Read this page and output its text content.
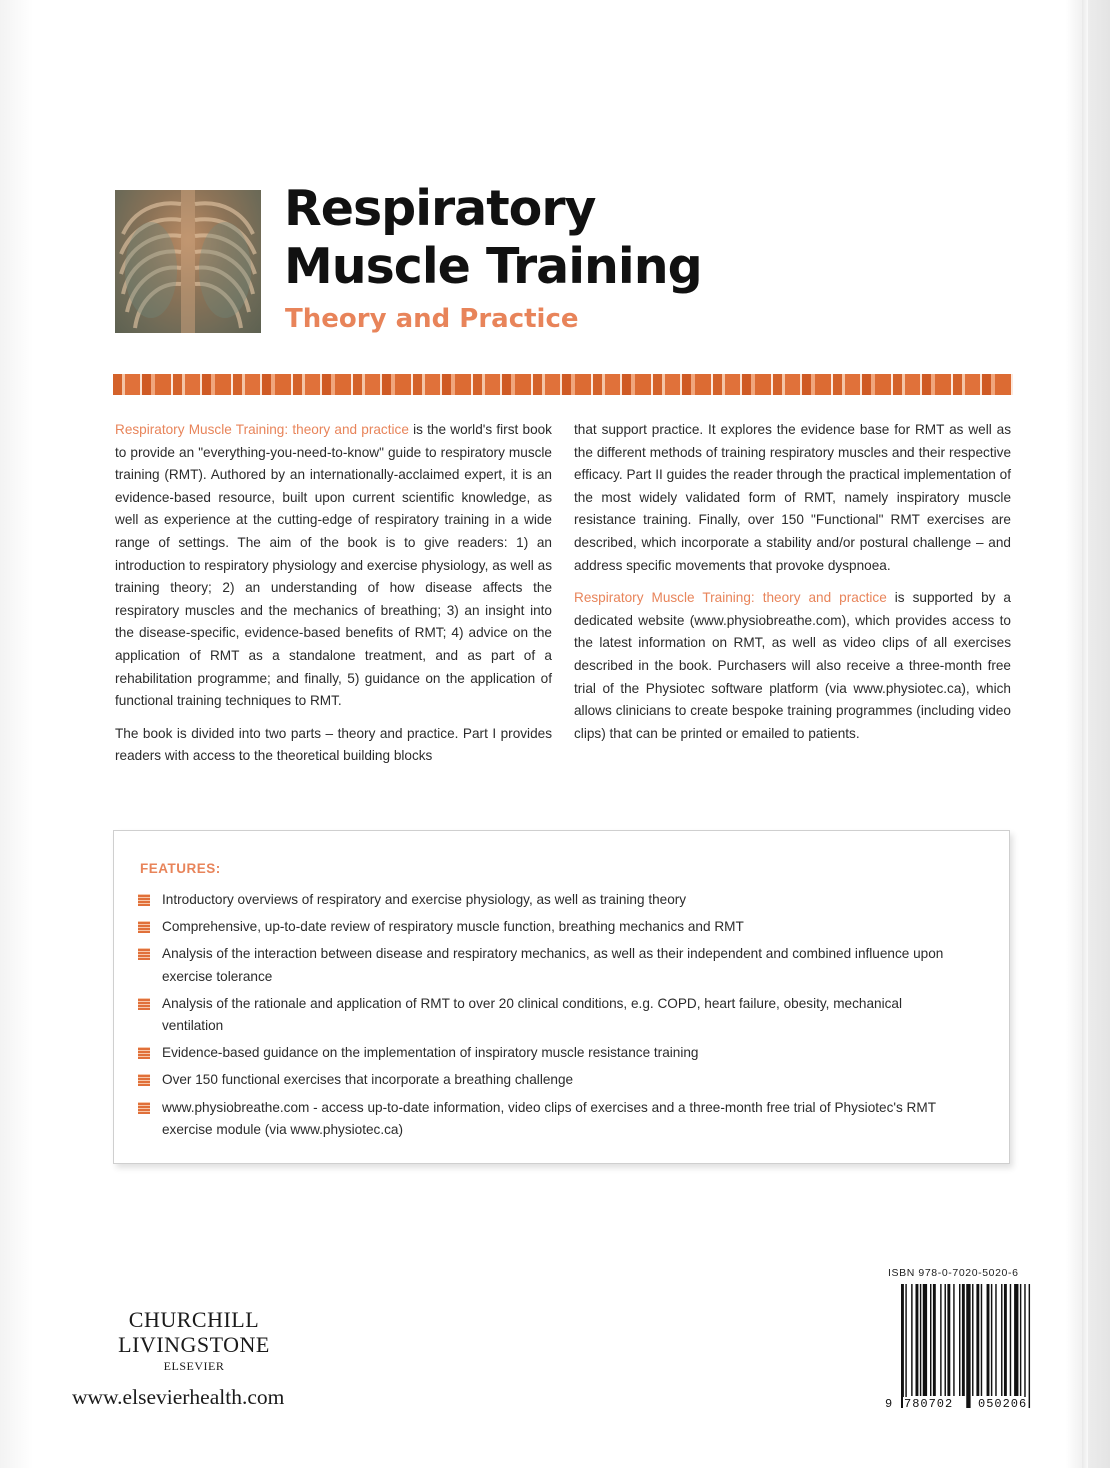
Respiratory
Muscle Training
Theory and Practice

Respiratory Muscle Training: theory and practice is the world's first book to provide an "everything-you-need-to-know" guide to respiratory muscle training (RMT). Authored by an internationally-acclaimed expert, it is an evidence-based resource, built upon current scientific knowledge, as well as experience at the cutting-edge of respiratory training in a wide range of settings. The aim of the book is to give readers: 1) an introduction to respiratory physiology and exercise physiology, as well as training theory; 2) an understanding of how disease affects the respiratory muscles and the mechanics of breathing; 3) an insight into the disease-specific, evidence-based benefits of RMT; 4) advice on the application of RMT as a standalone treatment, and as part of a rehabilitation programme; and finally, 5) guidance on the application of functional training techniques to RMT.

The book is divided into two parts – theory and practice. Part I provides readers with access to the theoretical building blocks

that support practice. It explores the evidence base for RMT as well as the different methods of training respiratory muscles and their respective efficacy. Part II guides the reader through the practical implementation of the most widely validated form of RMT, namely inspiratory muscle resistance training. Finally, over 150 "Functional" RMT exercises are described, which incorporate a stability and/or postural challenge – and address specific movements that provoke dyspnoea.

Respiratory Muscle Training: theory and practice is supported by a dedicated website (www.physiobreathe.com), which provides access to the latest information on RMT, as well as video clips of all exercises described in the book. Purchasers will also receive a three-month free trial of the Physiotec software platform (via www.physiotec.ca), which allows clinicians to create bespoke training programmes (including video clips) that can be printed or emailed to patients.

FEATURES:
Introductory overviews of respiratory and exercise physiology, as well as training theory
Comprehensive, up-to-date review of respiratory muscle function, breathing mechanics and RMT
Analysis of the interaction between disease and respiratory mechanics, as well as their independent and combined influence upon exercise tolerance
Analysis of the rationale and application of RMT to over 20 clinical conditions, e.g. COPD, heart failure, obesity, mechanical ventilation
Evidence-based guidance on the implementation of inspiratory muscle resistance training
Over 150 functional exercises that incorporate a breathing challenge
www.physiobreathe.com - access up-to-date information, video clips of exercises and a three-month free trial of Physiotec's RMT exercise module (via www.physiotec.ca)
CHURCHILL
LIVINGSTONE
ELSEVIER
www.elsevierhealth.com
ISBN 978-0-7020-5020-6
9 780702 050206
